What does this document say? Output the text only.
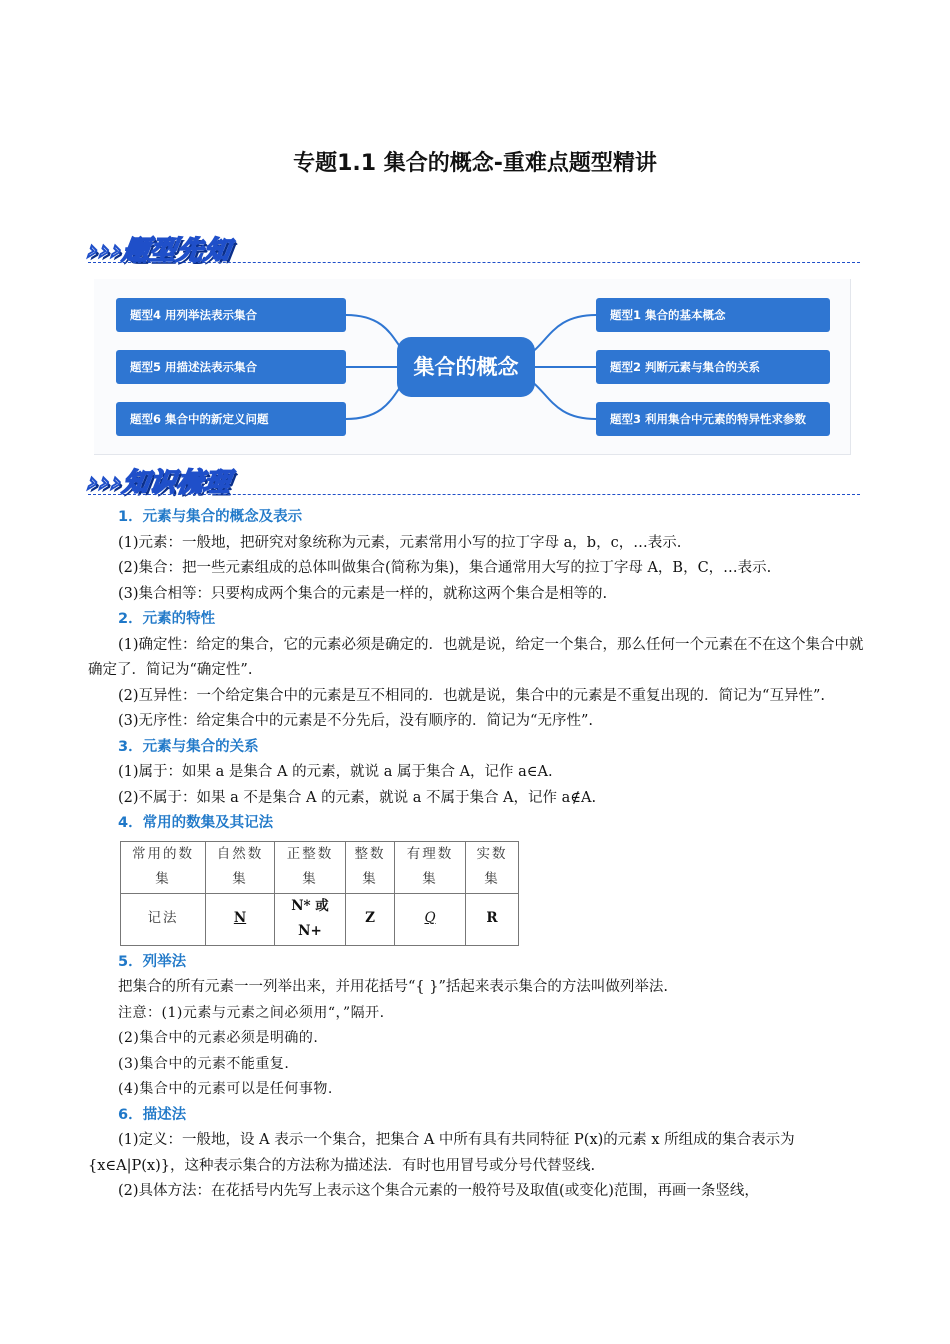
专题1.1 集合的概念-重难点题型精讲
›››题型先知
题型4 用列举法表示集合
题型5 用描述法表示集合
题型6 集合中的新定义问题
集合的概念
题型1 集合的基本概念
题型2 判断元素与集合的关系
题型3 利用集合中元素的特异性求参数
›››知识梳理
1．元素与集合的概念及表示
(1)元素：一般地，把研究对象统称为元素，元素常用小写的拉丁字母 a，b，c，…表示.
(2)集合：把一些元素组成的总体叫做集合(简称为集)，集合通常用大写的拉丁字母 A，B，C，…表示.
(3)集合相等：只要构成两个集合的元素是一样的，就称这两个集合是相等的.
2．元素的特性
(1)确定性：给定的集合，它的元素必须是确定的．也就是说，给定一个集合，那么任何一个元素在不在这个集合中就确定了．简记为“确定性”.
(2)互异性：一个给定集合中的元素是互不相同的．也就是说，集合中的元素是不重复出现的．简记为“互异性”.
(3)无序性：给定集合中的元素是不分先后，没有顺序的．简记为“无序性”.
3．元素与集合的关系
(1)属于：如果 a 是集合 A 的元素，就说 a 属于集合 A，记作 a∈A.
(2)不属于：如果 a 不是集合 A 的元素，就说 a 不属于集合 A，记作 a∉A.
4．常用的数集及其记法
常用的数集	自然数集	正整数集	整数集	有理数集	实数集
记法	N	N* 或 N+	Z	Q	R
5．列举法
把集合的所有元素一一列举出来，并用花括号“{ }”括起来表示集合的方法叫做列举法.
注意：(1)元素与元素之间必须用“，”隔开.
(2)集合中的元素必须是明确的.
(3)集合中的元素不能重复.
(4)集合中的元素可以是任何事物.
6．描述法
(1)定义：一般地，设 A 表示一个集合，把集合 A 中所有具有共同特征 P(x)的元素 x 所组成的集合表示为{x∈A|P(x)}，这种表示集合的方法称为描述法．有时也用冒号或分号代替竖线.
(2)具体方法：在花括号内先写上表示这个集合元素的一般符号及取值(或变化)范围，再画一条竖线，
